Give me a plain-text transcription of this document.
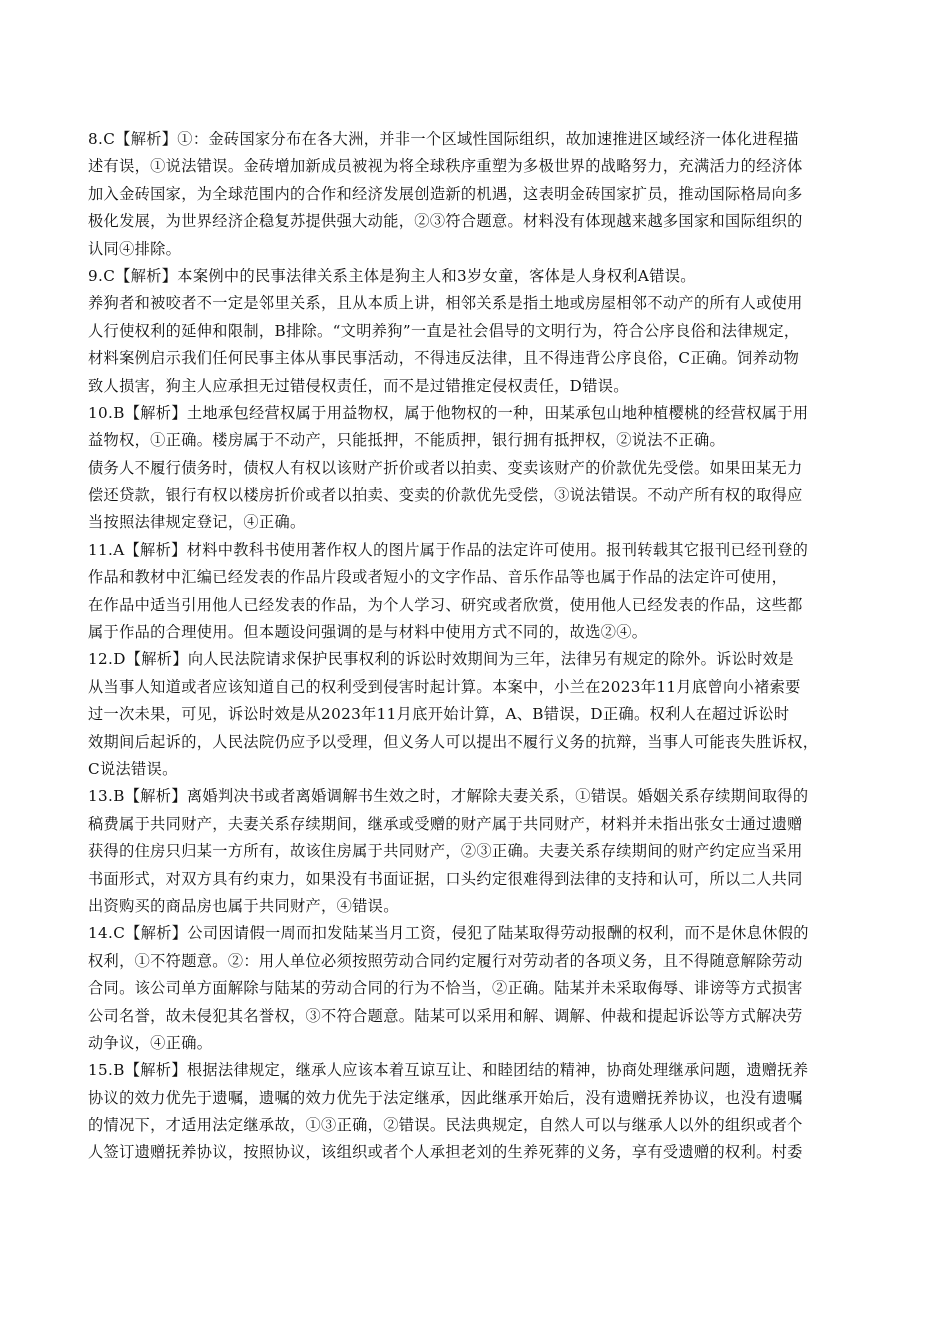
8.C【解析】①：金砖国家分布在各大洲，并非一个区域性国际组织，故加速推进区域经济一体化进程描
述有误，①说法错误。金砖增加新成员被视为将全球秩序重塑为多极世界的战略努力，充满活力的经济体
加入金砖国家，为全球范围内的合作和经济发展创造新的机遇，这表明金砖国家扩员，推动国际格局向多
极化发展，为世界经济企稳复苏提供强大动能，②③符合题意。材料没有体现越来越多国家和国际组织的
认同④排除。
9.C【解析】本案例中的民事法律关系主体是狗主人和3岁女童，客体是人身权利A错误。
养狗者和被咬者不一定是邻里关系，且从本质上讲，相邻关系是指土地或房屋相邻不动产的所有人或使用
人行使权利的延伸和限制，B排除。“文明养狗”一直是社会倡导的文明行为，符合公序良俗和法律规定，
材料案例启示我们任何民事主体从事民事活动，不得违反法律，且不得违背公序良俗，C正确。饲养动物
致人损害，狗主人应承担无过错侵权责任，而不是过错推定侵权责任，D错误。
10.B【解析】土地承包经营权属于用益物权，属于他物权的一种，田某承包山地种植樱桃的经营权属于用
益物权，①正确。楼房属于不动产，只能抵押，不能质押，银行拥有抵押权，②说法不正确。
债务人不履行债务时，债权人有权以该财产折价或者以拍卖、变卖该财产的价款优先受偿。如果田某无力
偿还贷款，银行有权以楼房折价或者以拍卖、变卖的价款优先受偿，③说法错误。不动产所有权的取得应
当按照法律规定登记，④正确。
11.A【解析】材料中教科书使用著作权人的图片属于作品的法定许可使用。报刊转载其它报刊已经刊登的
作品和教材中汇编已经发表的作品片段或者短小的文字作品、音乐作品等也属于作品的法定许可使用，
在作品中适当引用他人已经发表的作品，为个人学习、研究或者欣赏，使用他人已经发表的作品，这些都
属于作品的合理使用。但本题设问强调的是与材料中使用方式不同的，故选②④。
12.D【解析】向人民法院请求保护民事权利的诉讼时效期间为三年，法律另有规定的除外。诉讼时效是
从当事人知道或者应该知道自己的权利受到侵害时起计算。本案中，小兰在2023年11月底曾向小褚索要
过一次未果，可见，诉讼时效是从2023年11月底开始计算，A、B错误，D正确。权利人在超过诉讼时
效期间后起诉的，人民法院仍应予以受理，但义务人可以提出不履行义务的抗辩，当事人可能丧失胜诉权，
C说法错误。
13.B【解析】离婚判决书或者离婚调解书生效之时，才解除夫妻关系，①错误。婚姻关系存续期间取得的
稿费属于共同财产，夫妻关系存续期间，继承或受赠的财产属于共同财产，材料并未指出张女士通过遗赠
获得的住房只归某一方所有，故该住房属于共同财产，②③正确。夫妻关系存续期间的财产约定应当采用
书面形式，对双方具有约束力，如果没有书面证据，口头约定很难得到法律的支持和认可，所以二人共同
出资购买的商品房也属于共同财产，④错误。
14.C【解析】公司因请假一周而扣发陆某当月工资，侵犯了陆某取得劳动报酬的权利，而不是休息休假的
权利，①不符题意。②：用人单位必须按照劳动合同约定履行对劳动者的各项义务，且不得随意解除劳动
合同。该公司单方面解除与陆某的劳动合同的行为不恰当，②正确。陆某并未采取侮辱、诽谤等方式损害
公司名誉，故未侵犯其名誉权，③不符合题意。陆某可以采用和解、调解、仲裁和提起诉讼等方式解决劳
动争议，④正确。
15.B【解析】根据法律规定，继承人应该本着互谅互让、和睦团结的精神，协商处理继承问题，遗赠抚养
协议的效力优先于遗嘱，遗嘱的效力优先于法定继承，因此继承开始后，没有遗赠抚养协议，也没有遗嘱
的情况下，才适用法定继承故，①③正确，②错误。民法典规定，自然人可以与继承人以外的组织或者个
人签订遗赠抚养协议，按照协议，该组织或者个人承担老刘的生养死葬的义务，享有受遗赠的权利。村委
